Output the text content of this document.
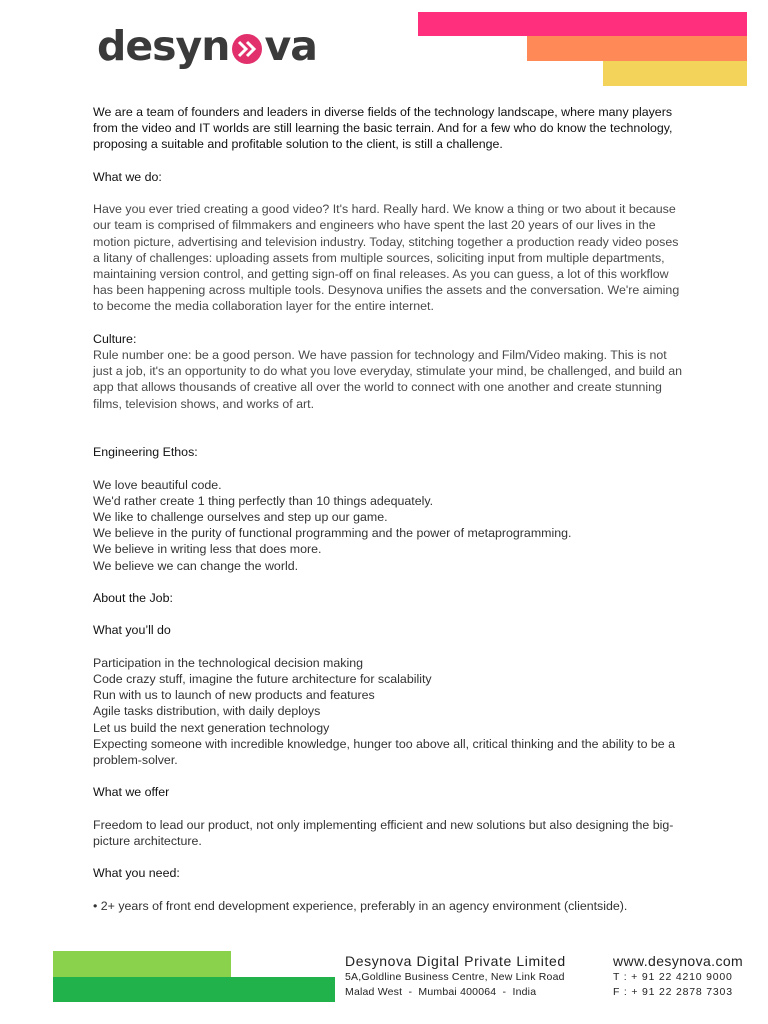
desyn va

We are a team of founders and leaders in diverse fields of the technology landscape, where many players from the video and IT worlds are still learning the basic terrain. And for a few who do know the technology, proposing a suitable and profitable solution to the client, is still a challenge.

What we do:

Have you ever tried creating a good video? It's hard. Really hard. We know a thing or two about it because our team is comprised of filmmakers and engineers who have spent the last 20 years of our lives in the motion picture, advertising and television industry. Today, stitching together a production ready video poses a litany of challenges: uploading assets from multiple sources, soliciting input from multiple departments, maintaining version control, and getting sign-off on final releases. As you can guess, a lot of this workflow has been happening across multiple tools. Desynova unifies the assets and the conversation. We're aiming to become the media collaboration layer for the entire internet.

Culture:

Rule number one: be a good person. We have passion for technology and Film/Video making. This is not just a job, it's an opportunity to do what you love everyday, stimulate your mind, be challenged, and build an app that allows thousands of creative all over the world to connect with one another and create stunning films, television shows, and works of art.

Engineering Ethos:

We love beautiful code.

We'd rather create 1 thing perfectly than 10 things adequately.

We like to challenge ourselves and step up our game.

We believe in the purity of functional programming and the power of metaprogramming.

We believe in writing less that does more.

We believe we can change the world.

About the Job:

What you’ll do

Participation in the technological decision making

Code crazy stuff, imagine the future architecture for scalability

Run with us to launch of new products and features

Agile tasks distribution, with daily deploys

Let us build the next generation technology

Expecting someone with incredible knowledge, hunger too above all, critical thinking and the ability to be a problem-solver.

What we offer

Freedom to lead our product, not only implementing efficient and new solutions but also designing the big-picture architecture.

What you need:

• 2+ years of front end development experience, preferably in an agency environment (clientside).

Desynova Digital Private Limited
5A,Goldline Business Centre, New Link Road
Malad West  -  Mumbai 400064  -  India
www.desynova.com
T : + 91 22 4210 9000
F : + 91 22 2878 7303
